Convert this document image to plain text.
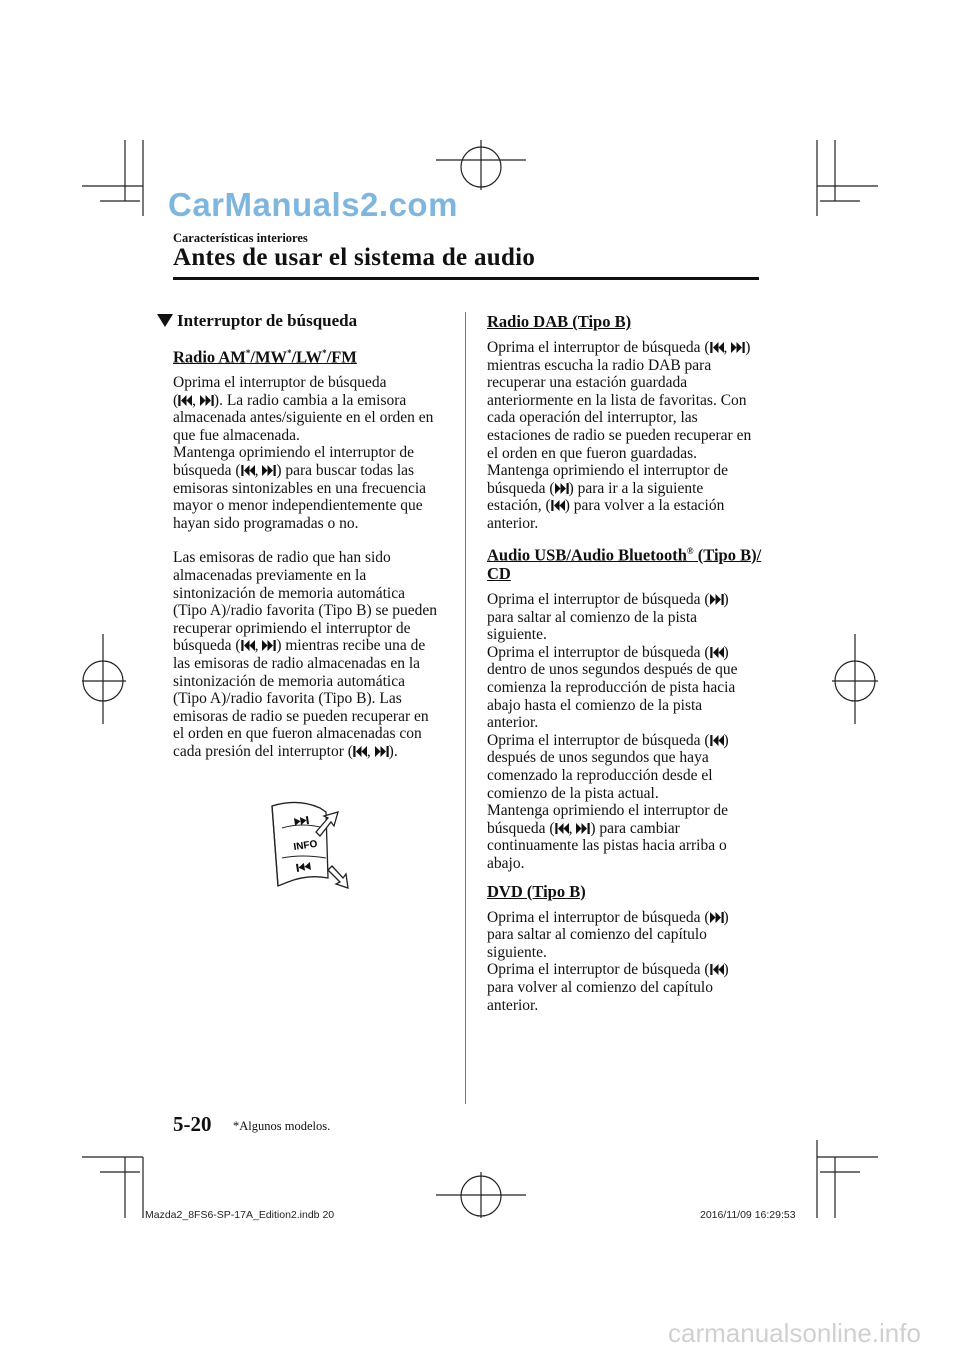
CarManuals2.com
Características interiores
Antes de usar el sistema de audio
Interruptor de búsqueda
Radio AM*/MW*/LW*/FM

Oprima el interruptor de búsqueda

( ,
). La radio cambia a la emisora

almacenada antes/siguiente en el orden en

que fue almacenada.

Mantenga oprimiendo el interruptor de

búsqueda ( ,
) para buscar todas las

emisoras sintonizables en una frecuencia

mayor o menor independientemente que

hayan sido programadas o no.

Las emisoras de radio que han sido

almacenadas previamente en la

sintonización de memoria automática

(Tipo A)/radio favorita (Tipo B) se pueden

recuperar oprimiendo el interruptor de

búsqueda ( ,
) mientras recibe una de

las emisoras de radio almacenadas en la

sintonización de memoria automática

(Tipo A)/radio favorita (Tipo B). Las

emisoras de radio se pueden recuperar en

el orden en que fueron almacenadas con

cada presión del interruptor ( ,
).

INFO
Radio DAB (Tipo B)

Oprima el interruptor de búsqueda ( ,
)

mientras escucha la radio DAB para

recuperar una estación guardada

anteriormente en la lista de favoritas. Con

cada operación del interruptor, las

estaciones de radio se pueden recuperar en

el orden en que fueron guardadas.

Mantenga oprimiendo el interruptor de

búsqueda ( ) para ir a la siguiente

estación, ( ) para volver a la estación

anterior.

Audio USB/Audio Bluetooth® (Tipo B)/
CD

Oprima el interruptor de búsqueda ( )

para saltar al comienzo de la pista

siguiente.

Oprima el interruptor de búsqueda ( )

dentro de unos segundos después de que

comienza la reproducción de pista hacia

abajo hasta el comienzo de la pista

anterior.

Oprima el interruptor de búsqueda ( )

después de unos segundos que haya

comenzado la reproducción desde el

comienzo de la pista actual.

Mantenga oprimiendo el interruptor de

búsqueda ( ,
) para cambiar

continuamente las pistas hacia arriba o

abajo.

DVD (Tipo B)

Oprima el interruptor de búsqueda ( )

para saltar al comienzo del capítulo

siguiente.

Oprima el interruptor de búsqueda ( )

para volver al comienzo del capítulo

anterior.

5-20 *Algunos modelos.
Mazda2_8FS6-SP-17A_Edition2.indb 20	2016/11/09 16:29:53
carmanualsonline.info
